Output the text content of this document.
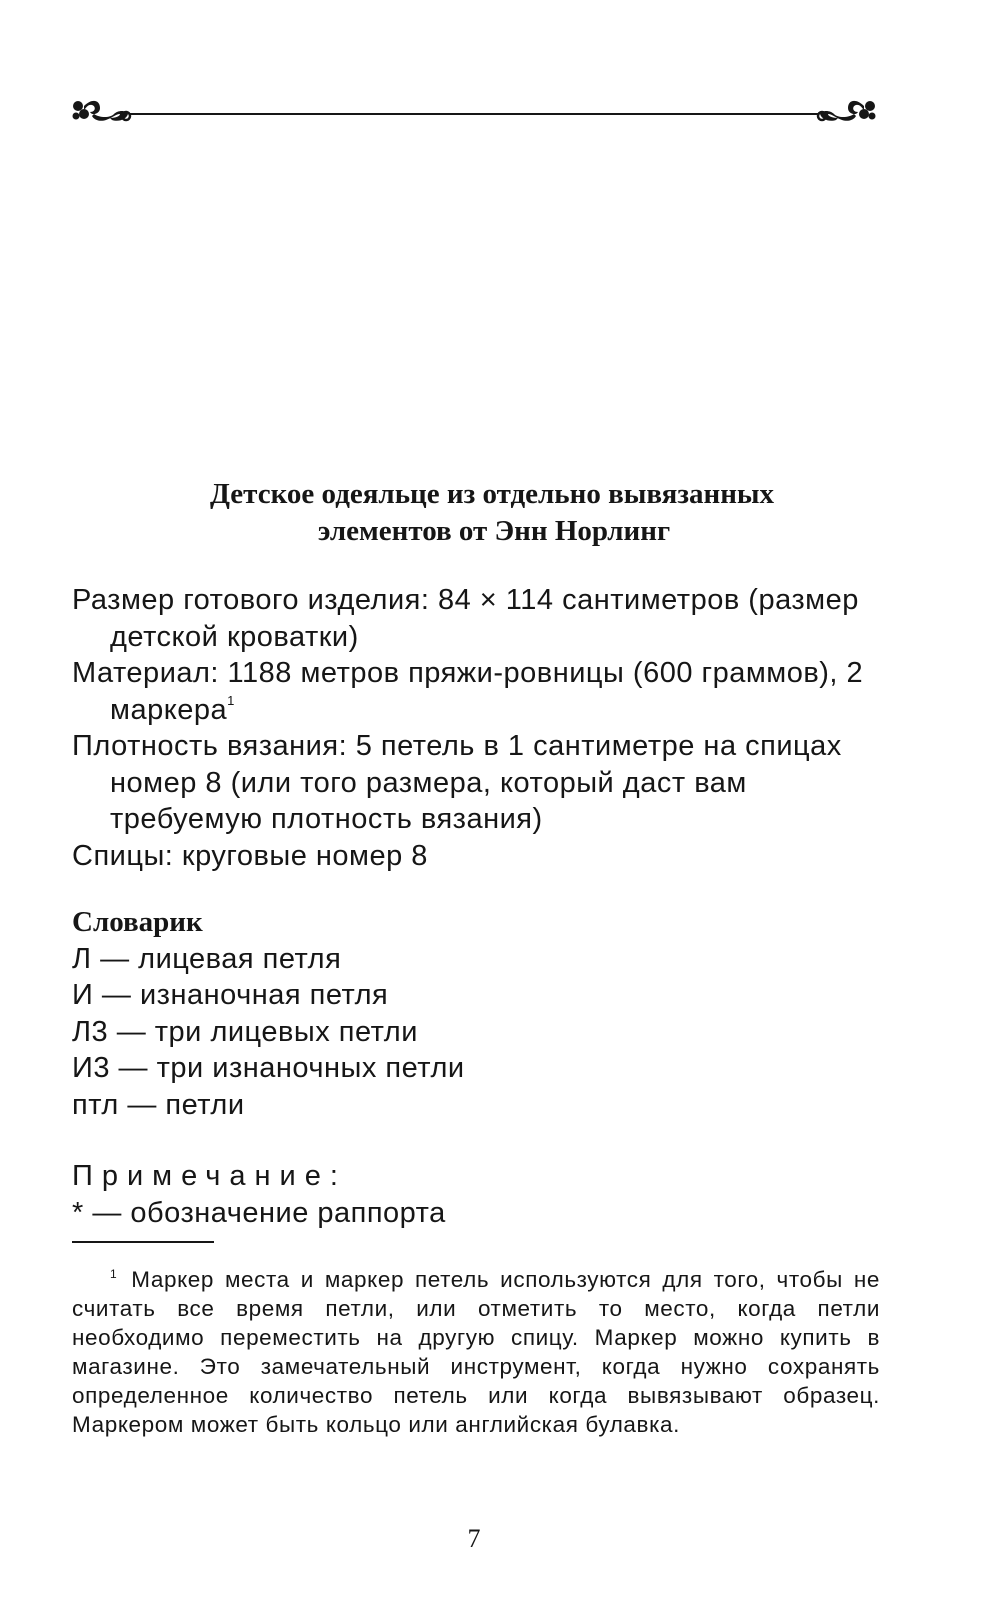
Детское одеяльце из отдельно вывязанных
элементов от Энн Норлинг

Размер готового изделия: 84 × 114 сантиметров (размер детской кроватки)

Материал: 1188 метров пряжи-ровницы (600 граммов), 2 маркера$^1$

Плотность вязания: 5 петель в 1 сантиметре на спицах номер 8 (или того размера, который даст вам требуемую плотность вязания)

Спицы: круговые номер 8

Словарик
Л — лицевая петля
И — изнаночная петля
Л3 — три лицевых петли
И3 — три изнаночных петли
птл — петли
Примечание:
* — обозначение раппорта
$^1$ Маркер места и маркер петель используются для того, чтобы не считать все время петли, или отметить то место, когда петли необходимо переместить на другую спицу. Маркер можно купить в магазине. Это замечательный инструмент, когда нужно сохранять определенное количество петель или когда вывязывают образец. Маркером может быть кольцо или английская булавка.
7
